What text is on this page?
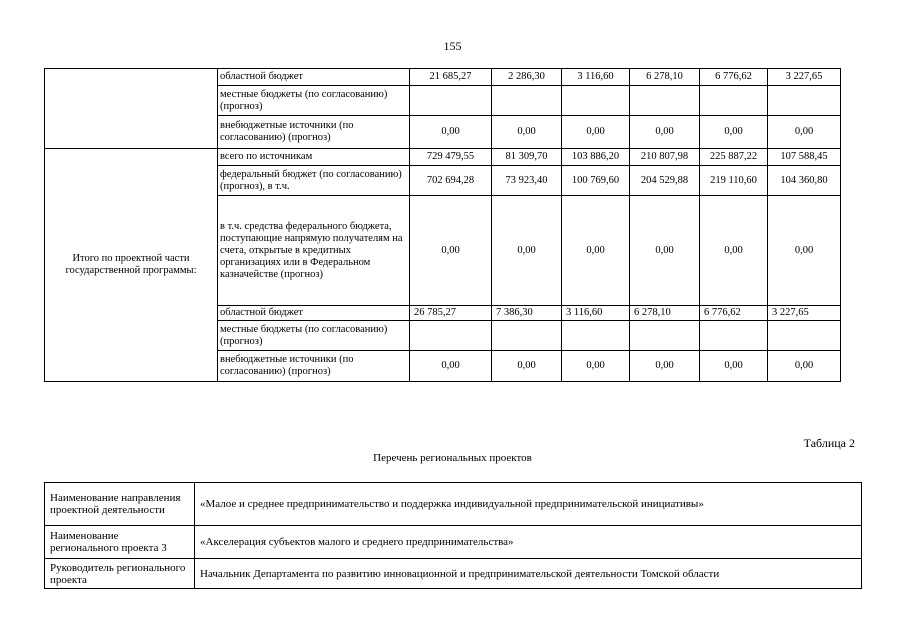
155
	областной бюджет	21 685,27	2 286,30	3 116,60	6 278,10	6 776,62	3 227,65
	местные бюджеты (по согласованию) (прогноз)						
	внебюджетные источники (по согласованию) (прогноз)	0,00	0,00	0,00	0,00	0,00	0,00
Итого по проектной части государственной программы:	всего по источникам	729 479,55	81 309,70	103 886,20	210 807,98	225 887,22	107 588,45
	федеральный бюджет (по согласованию) (прогноз), в т.ч.	702 694,28	73 923,40	100 769,60	204 529,88	219 110,60	104 360,80
	в т.ч. средства федерального бюджета, поступающие напрямую получателям на счета, открытые в кредитных организациях или в Федеральном казначействе (прогноз)	0,00	0,00	0,00	0,00	0,00	0,00
	областной бюджет	26 785,27	7 386,30	3 116,60	6 278,10	6 776,62	3 227,65
	местные бюджеты (по согласованию) (прогноз)						
	внебюджетные источники (по согласованию) (прогноз)	0,00	0,00	0,00	0,00	0,00	0,00
Таблица 2
Перечень региональных проектов
Наименование направления проектной деятельности	«Малое и среднее предпринимательство и поддержка индивидуальной предпринимательской инициативы»
Наименование регионального проекта 3	«Акселерация субъектов малого и среднего предпринимательства»
Руководитель регионального проекта	Начальник Департамента по развитию инновационной и предпринимательской деятельности Томской области
